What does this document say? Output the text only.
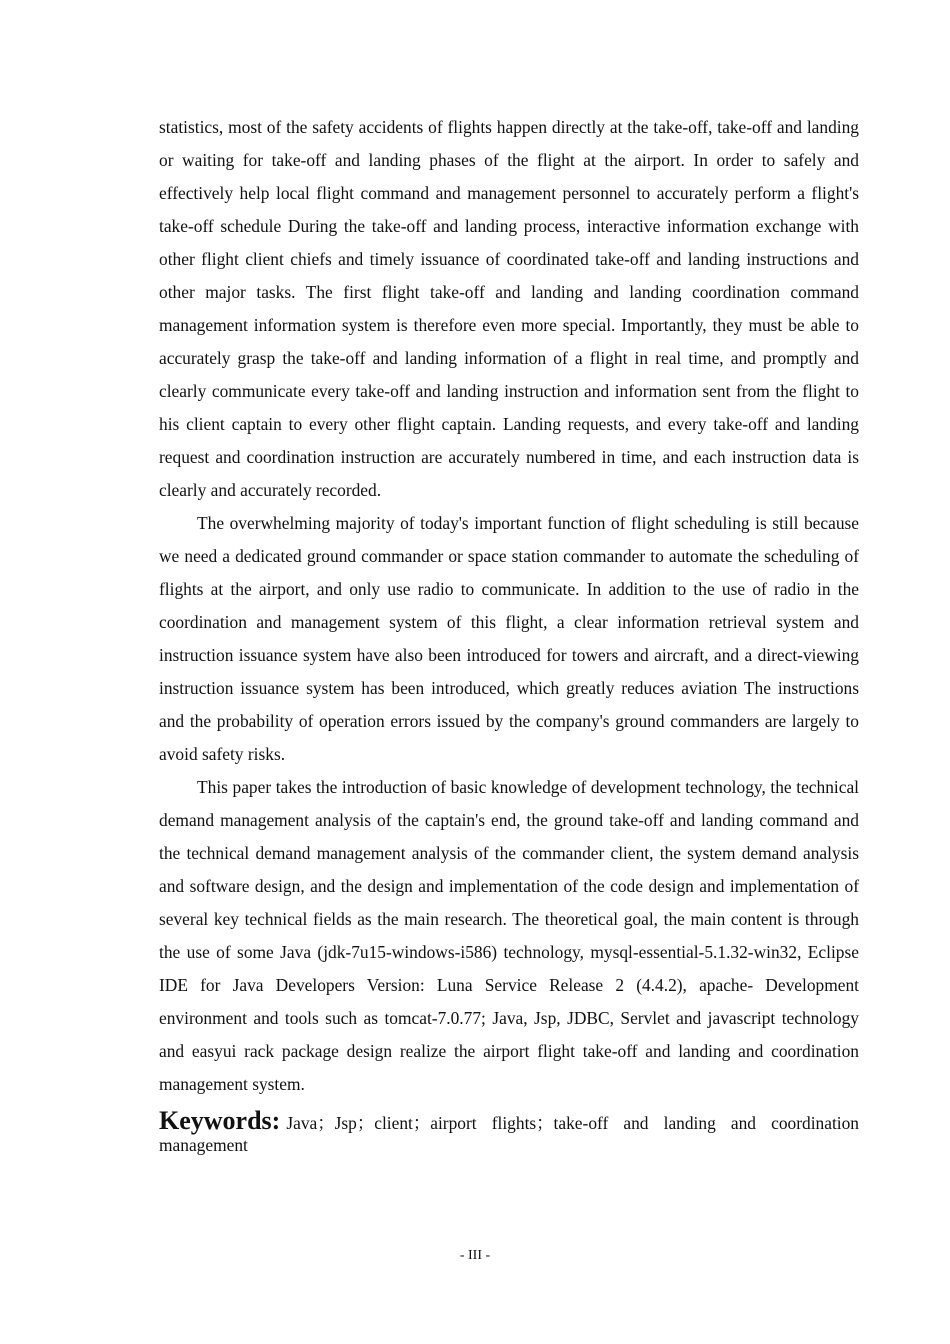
statistics, most of the safety accidents of flights happen directly at the take-off, take-off and landing or waiting for take-off and landing phases of the flight at the airport. In order to safely and effectively help local flight command and management personnel to accurately perform a flight's take-off schedule During the take-off and landing process, interactive information exchange with other flight client chiefs and timely issuance of coordinated take-off and landing instructions and other major tasks. The first flight take-off and landing and landing coordination command management information system is therefore even more special. Importantly, they must be able to accurately grasp the take-off and landing information of a flight in real time, and promptly and clearly communicate every take-off and landing instruction and information sent from the flight to his client captain to every other flight captain. Landing requests, and every take-off and landing request and coordination instruction are accurately numbered in time, and each instruction data is clearly and accurately recorded.

The overwhelming majority of today's important function of flight scheduling is still because we need a dedicated ground commander or space station commander to automate the scheduling of flights at the airport, and only use radio to communicate. In addition to the use of radio in the coordination and management system of this flight, a clear information retrieval system and instruction issuance system have also been introduced for towers and aircraft, and a direct-viewing instruction issuance system has been introduced, which greatly reduces aviation The instructions and the probability of operation errors issued by the company's ground commanders are largely to avoid safety risks.

This paper takes the introduction of basic knowledge of development technology, the technical demand management analysis of the captain's end, the ground take-off and landing command and the technical demand management analysis of the commander client, the system demand analysis and software design, and the design and implementation of the code design and implementation of several key technical fields as the main research. The theoretical goal, the main content is through the use of some Java (jdk-7u15-windows-i586) technology, mysql-essential-5.1.32-win32, Eclipse IDE for Java Developers Version: Luna Service Release 2 (4.4.2), apache- Development environment and tools such as tomcat-7.0.77; Java, Jsp, JDBC, Servlet and javascript technology and easyui rack package design realize the airport flight take-off and landing and coordination management system.

Keywords: Java；Jsp；client；airport flights；take-off and landing and coordination management
- III -
